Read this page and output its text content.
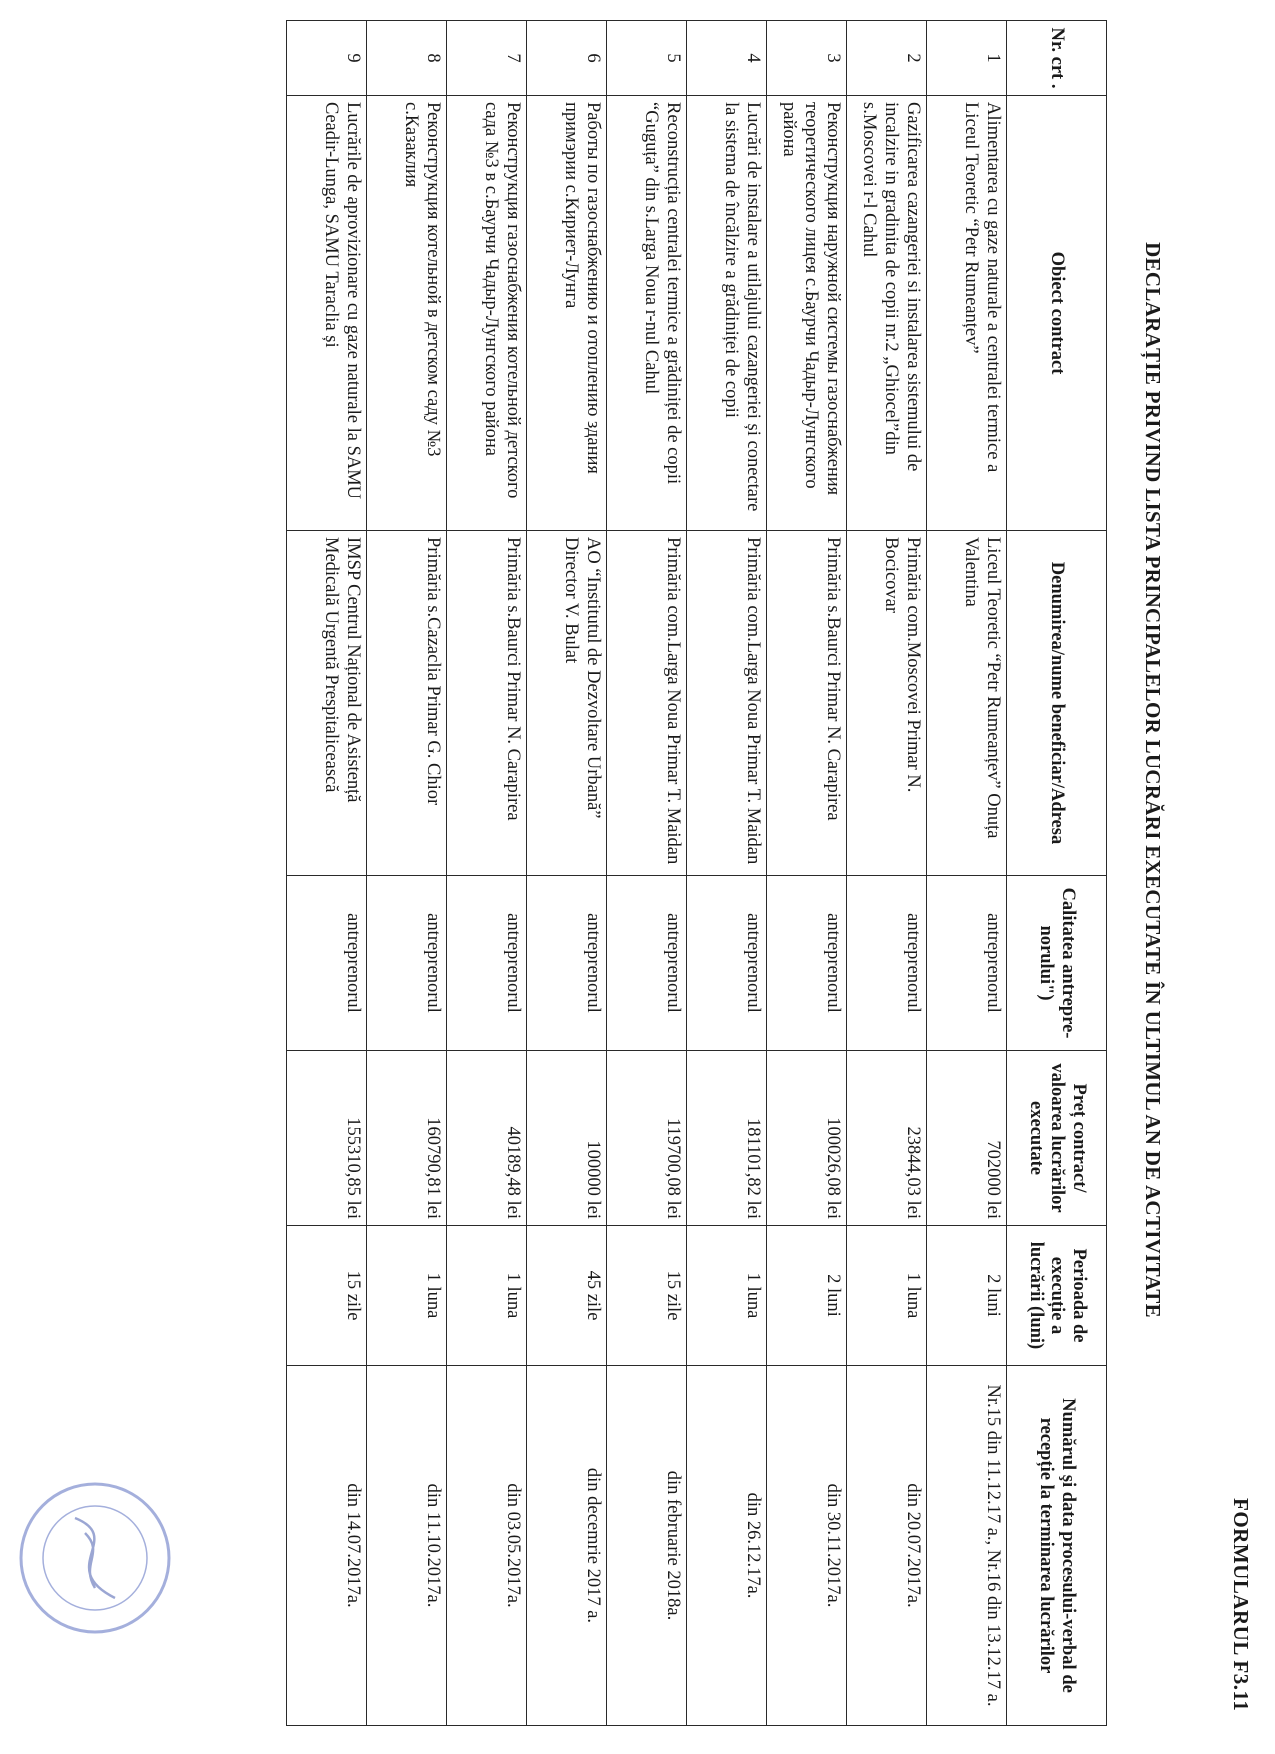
FORMULARUL F3.11
DECLARAȚIE PRIVIND LISTA PRINCIPALELOR LUCRĂRI EXECUTATE ÎN ULTIMUL AN DE ACTIVITATE
Nr. crt .	Obiect contract	Denumirea/nume beneficiar/Adresa	Calitatea antrepre-norului")	Preț contract/ valoarea lucrărilor executate	Perioada de execuție a lucrării (luni)	Numărul şi data procesului-verbal de recepție la terminarea lucrărilor
1	Alimentarea cu gaze naturale a centralei termice a Liceul Teoretic “Petr Rumeanțev”	Liceul Teoretic “Petr Rumeanțev” Onuța Valentina	antreprenorul	702000 lei	2 luni	Nr.15 din 11.12.17 a., Nr.16 din 13.12.17 a.
2	Gazificarea cazangeriei si instalarea sistemului de incalzire in gradinita de copii nr.2 „Ghiocel”din s.Moscovei r-l Cahul	Primăria com.Moscovei Primar N. Bocicovar	antreprenorul	23844,03 lei	1 luna	din 20.07.2017a.
3	Реконструкция наружной системы газоснабжения теоретического лицея с.Баурчи Чадыр-Лунгского района	Primăria s.Baurci Primar N. Carapirea	antreprenorul	100026,08 lei	2 luni	din 30.11.2017a.
4	Lucrări de instalare a utilajului cazangeriei și conectare la sistema de încălzire a grădiniței de copii	Primăria com.Larga Noua Primar T. Maidan	antreprenorul	181101,82 lei	1 luna	din 26.12.17a.
5	Reconstrucția centralei termice a grădiniței de copii “Guguța” din s.Larga Noua r-nul Cahul	Primăria com.Larga Noua Primar T. Maidan	antreprenorul	119700,08 lei	15 zile	din februarie 2018a.
6	Работы по газоснабжению и отоплению здания примэрии с.Кириет-Лунга	AO “Institutul de Dezvoltare Urbană” Director V. Bulat	antreprenorul	100000 lei	45 zile	din decemrie 2017 a.
7	Реконструкция газоснабжения котельной детского сада №3 в с.Баурчи Чадыр-Лунгского района	Primăria s.Baurci Primar N. Carapirea	antreprenorul	40189,48 lei	1 luna	din 03.05.2017a.
8	Реконструкция котельной в детском саду №3 с.Казаклия	Primăria s.Cazaclia Primar G. Chior	antreprenorul	160790,81 lei	1 luna	din 11.10.2017a.
9	Lucrările de aprovizionare cu gaze naturale la SAMU Ceadir-Lunga, SAMU Taraclia și	IMSP Centrul Național de Asistență Medicală Urgentă Prespitalicească	antreprenorul	155310,85 lei	15 zile	din 14.07.2017a.
